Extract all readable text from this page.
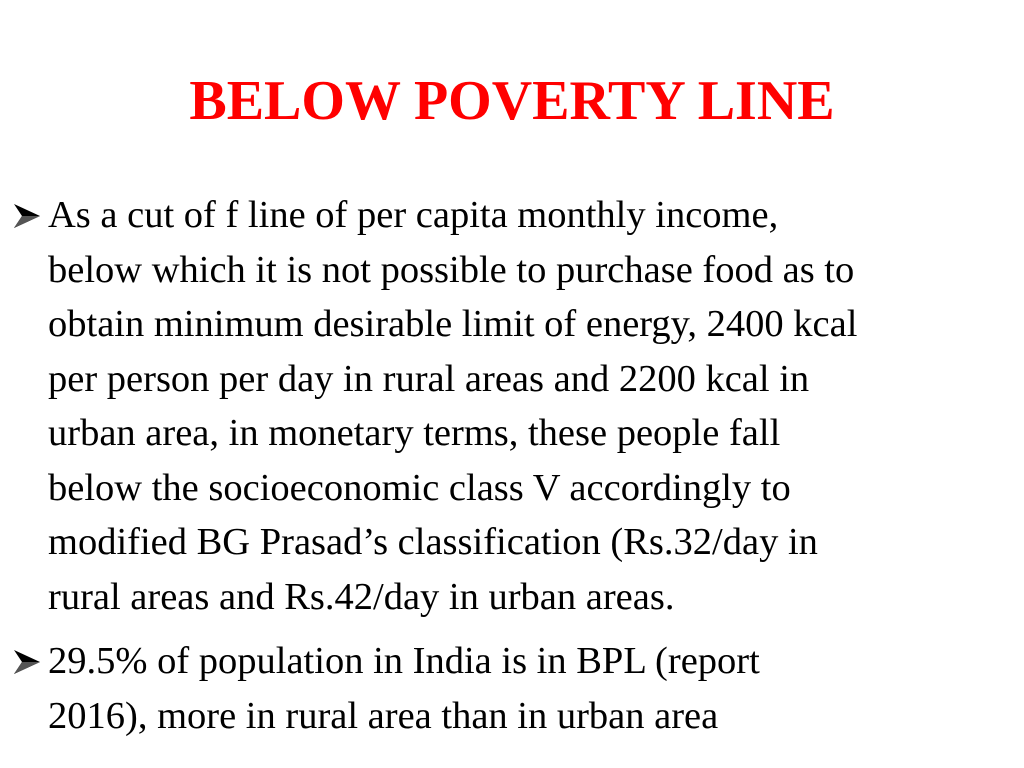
BELOW POVERTY LINE
As a cut of f line of per capita monthly income,
below which it is not possible to purchase food as to
obtain minimum desirable limit of energy, 2400 kcal
per person per day in rural areas and 2200 kcal in
urban area, in monetary terms, these people fall
below the socioeconomic class V accordingly to
modified BG Prasad’s classification (Rs.32/day in
rural areas and Rs.42/day in urban areas.
29.5% of population in India is in BPL (report
2016), more in rural area than in urban area
